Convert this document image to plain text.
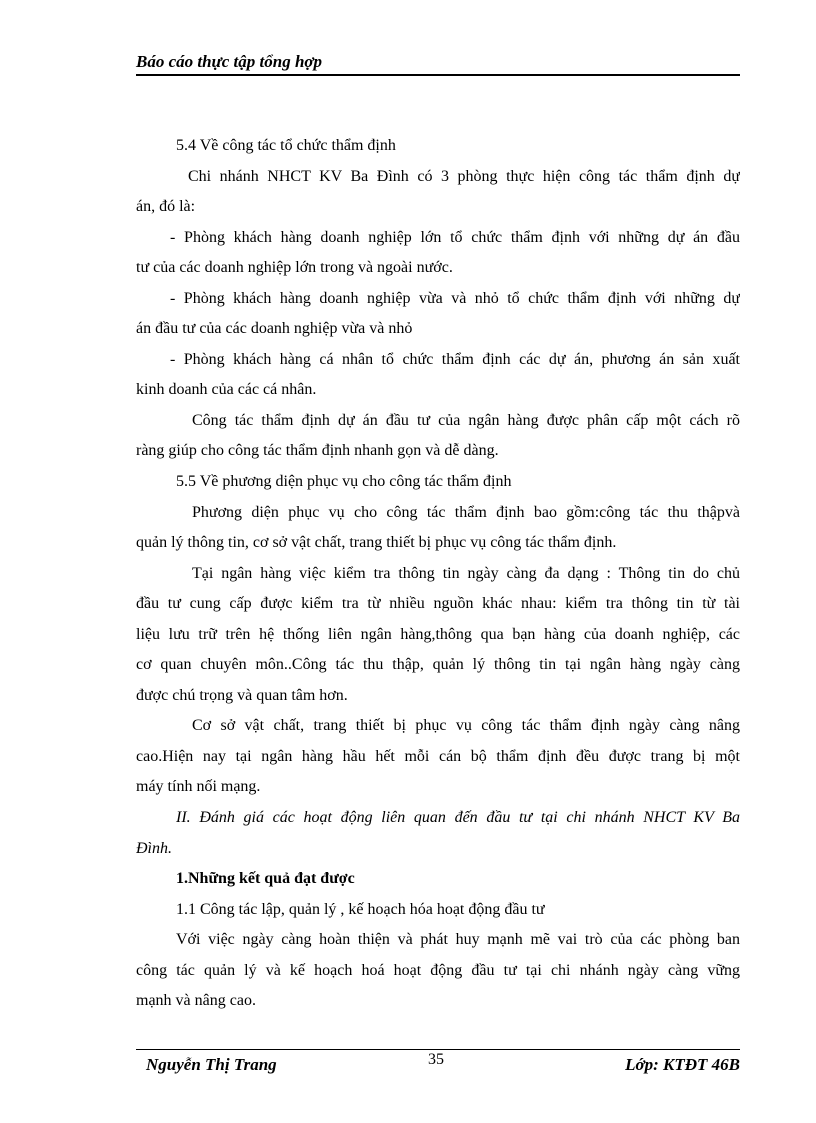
Báo cáo thực tập tổng hợp
5.4 Về công tác tổ chức thẩm định
Chi nhánh NHCT KV Ba Đình có 3 phòng thực hiện công tác thẩm định dự
án, đó là:
- Phòng khách hàng doanh nghiệp lớn tổ chức thẩm định với những dự án đầu
tư của các doanh nghiệp lớn trong và ngoài nước.
- Phòng khách hàng doanh nghiệp vừa và nhỏ tổ chức thẩm định với những dự
án đầu tư của các doanh nghiệp vừa và nhỏ
- Phòng khách hàng cá nhân tổ chức thẩm định các dự án, phương án sản xuất
kinh doanh của các cá nhân.
Công tác thẩm định dự án đầu tư của ngân hàng được phân cấp một cách rõ
ràng giúp cho công tác thẩm định nhanh gọn và dễ dàng.
5.5 Về phương diện phục vụ cho công tác thẩm định
Phương diện phục vụ cho công tác thẩm định bao gồm:công tác thu thậpvà
quản lý thông tin, cơ sở vật chất, trang thiết bị phục vụ công tác thẩm định.
Tại ngân hàng việc kiểm tra thông tin ngày càng đa dạng : Thông tin do chủ
đầu tư cung cấp được kiểm tra từ nhiều nguồn khác nhau: kiểm tra thông tin từ tài
liệu lưu trữ trên hệ thống liên ngân hàng,thông qua bạn hàng của doanh nghiệp, các
cơ quan chuyên môn..Công tác thu thập, quản lý thông tin tại ngân hàng ngày càng
được chú trọng và quan tâm hơn.
Cơ sở vật chất, trang thiết bị phục vụ công tác thẩm định ngày càng nâng
cao.Hiện nay tại ngân hàng hầu hết mỗi cán bộ thẩm định đều được trang bị một
máy tính nối mạng.
II. Đánh giá các hoạt động liên quan đến đầu tư tại chi nhánh NHCT KV Ba
Đình.
1.Những kết quả đạt được
1.1 Công tác lập, quản lý , kế hoạch hóa hoạt động đầu tư
Với việc ngày càng hoàn thiện và phát huy mạnh mẽ vai trò của các phòng ban
công tác quản lý và kế hoạch hoá hoạt động đầu tư tại chi nhánh ngày càng vững
mạnh và nâng cao.
Nguyễn Thị Trang	35	Lớp: KTĐT 46B
